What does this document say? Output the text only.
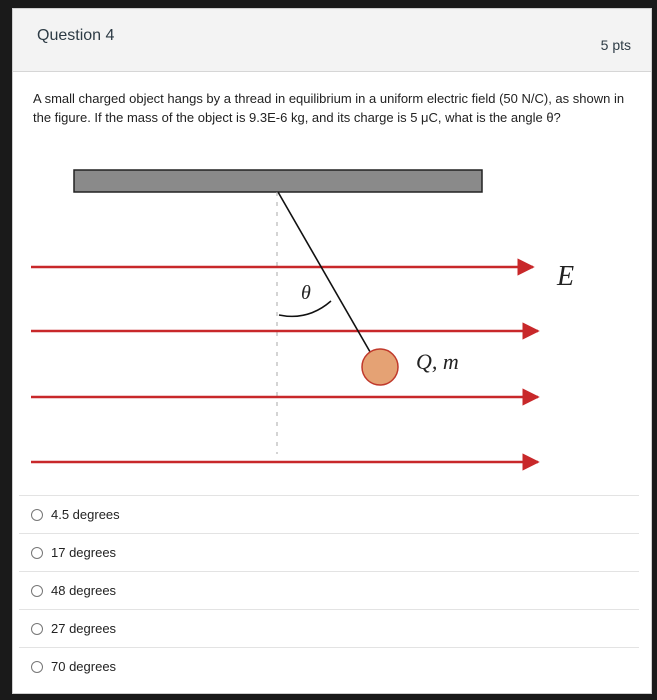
Question 4
5 pts
A small charged object hangs by a thread in equilibrium in a uniform electric field (50 N/C), as shown in the figure. If the mass of the object is 9.3E-6 kg, and its charge is 5 μC, what is the angle θ?
E
θ
Q, m
4.5 degrees
17 degrees
48 degrees
27 degrees
70 degrees
